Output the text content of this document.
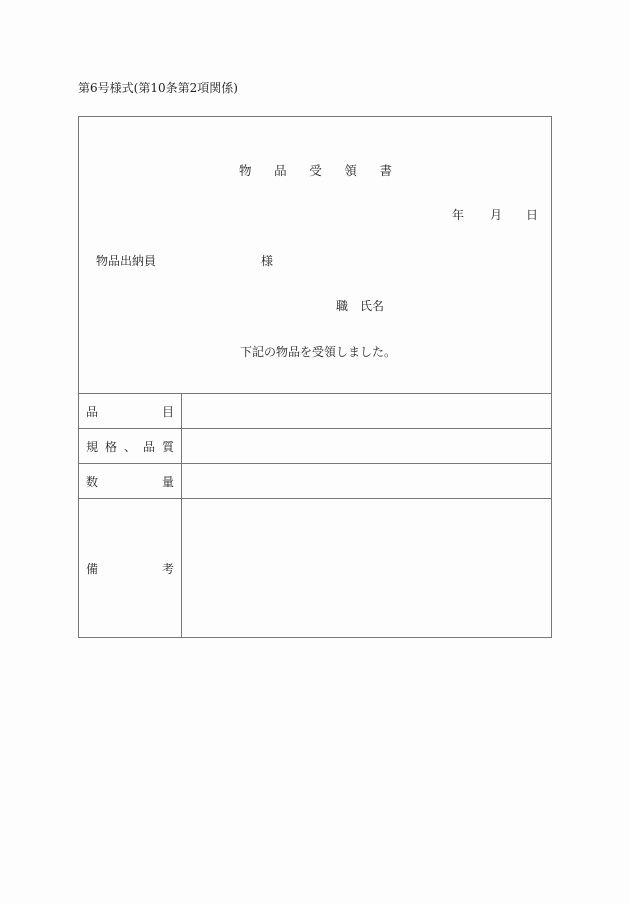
第6号様式(第10条第2項関係)
物品受領書
年 月 日
物品出納員	様
職 氏名
下記の物品を受領しました。
品目
規格、品質
数量
備考
